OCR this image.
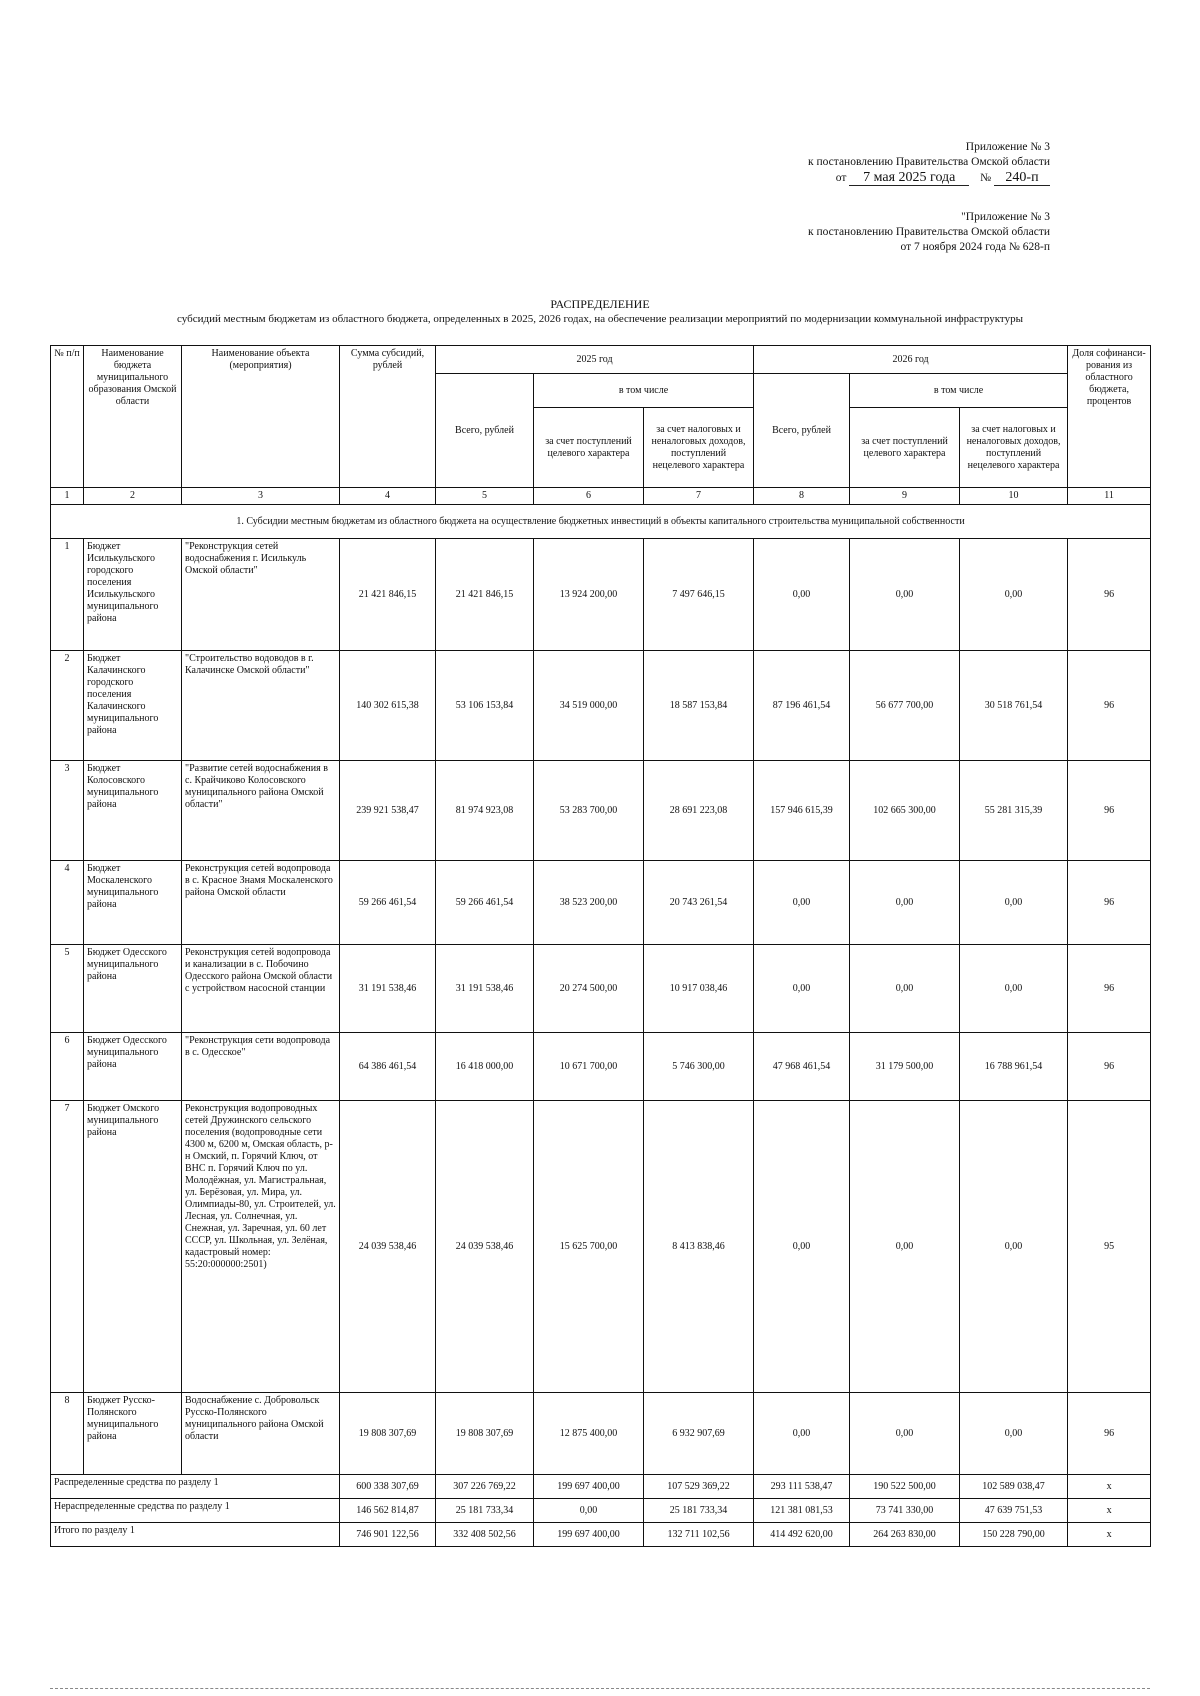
Приложение № 3
к постановлению Правительства Омской области
от 7 мая 2025 года № 240-п
"Приложение № 3
к постановлению Правительства Омской области
от 7 ноября 2024 года № 628-п
РАСПРЕДЕЛЕНИЕ
субсидий местным бюджетам из областного бюджета, определенных в 2025, 2026 годах, на обеспечение реализации мероприятий по модернизации коммунальной инфраструктуры
№ п/п	Наименование бюджета муниципального образования Омской области	Наименование объекта (мероприятия)	Сумма субсидий, рублей	2025 год			2026 год			Доля софинанси-рования из областного бюджета, процентов
				Всего, рублей	в том числе		Всего, рублей	в том числе		
					за счет поступлений целевого характера	за счет налоговых и неналоговых доходов, поступлений нецелевого характера		за счет поступлений целевого характера	за счет налоговых и неналоговых доходов, поступлений нецелевого характера	

1	2	3	4	5	6	7	8	9	10	11
1. Субсидии местным бюджетам из областного бюджета на осуществление бюджетных инвестиций в объекты капитального строительства муниципальной собственности										
1	Бюджет Исилькульского городского поселения Исилькульского муниципального района	"Реконструкция сетей водоснабжения г. Исилькуль Омской области"	21 421 846,15	21 421 846,15	13 924 200,00	7 497 646,15	0,00	0,00	0,00	96
2	Бюджет Калачинского городского поселения Калачинского муниципального района	"Строительство водоводов в г. Калачинске Омской области"	140 302 615,38	53 106 153,84	34 519 000,00	18 587 153,84	87 196 461,54	56 677 700,00	30 518 761,54	96
3	Бюджет Колосовского муниципального района	"Развитие сетей водоснабжения в с. Крайчиково Колосовского муниципального района Омской области"	239 921 538,47	81 974 923,08	53 283 700,00	28 691 223,08	157 946 615,39	102 665 300,00	55 281 315,39	96
4	Бюджет Москаленского муниципального района	Реконструкция сетей водопровода в с. Красное Знамя Москаленского района Омской области	59 266 461,54	59 266 461,54	38 523 200,00	20 743 261,54	0,00	0,00	0,00	96
5	Бюджет Одесского муниципального района	Реконструкция сетей водопровода и канализации в с. Побочино Одесского района Омской области с устройством насосной станции	31 191 538,46	31 191 538,46	20 274 500,00	10 917 038,46	0,00	0,00	0,00	96
6	Бюджет Одесского муниципального района	"Реконструкция сети водопровода в с. Одесское"	64 386 461,54	16 418 000,00	10 671 700,00	5 746 300,00	47 968 461,54	31 179 500,00	16 788 961,54	96
7	Бюджет Омского муниципального района	Реконструкция водопроводных сетей Дружинского сельского поселения (водопроводные сети 4300 м, 6200 м, Омская область, р-н Омский, п. Горячий Ключ, от ВНС п. Горячий Ключ по ул. Молодёжная, ул. Магистральная, ул. Берёзовая, ул. Мира, ул. Олимпиады-80, ул. Строителей, ул. Лесная, ул. Солнечная, ул. Снежная, ул. Заречная, ул. 60 лет СССР, ул. Школьная, ул. Зелёная, кадастровый номер: 55:20:000000:2501)	24 039 538,46	24 039 538,46	15 625 700,00	8 413 838,46	0,00	0,00	0,00	95
8	Бюджет Русско-Полянского муниципального района	Водоснабжение с. Добровольск Русско-Полянского муниципального района Омской области	19 808 307,69	19 808 307,69	12 875 400,00	6 932 907,69	0,00	0,00	0,00	96
Распределенные средства по разделу 1			600 338 307,69	307 226 769,22	199 697 400,00	107 529 369,22	293 111 538,47	190 522 500,00	102 589 038,47	x
Нераспределенные средства по разделу 1			146 562 814,87	25 181 733,34	0,00	25 181 733,34	121 381 081,53	73 741 330,00	47 639 751,53	x
Итого по разделу 1			746 901 122,56	332 408 502,56	199 697 400,00	132 711 102,56	414 492 620,00	264 263 830,00	150 228 790,00	x
